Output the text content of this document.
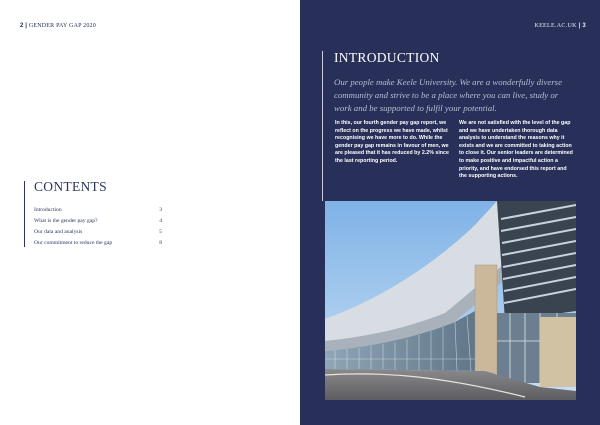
2 | GENDER PAY GAP 2020
CONTENTS
Introduction	3
What is the gender pay gap?	4
Our data and analysis	5
Our commitment to reduce the gap	8
KEELE.AC.UK | 3
INTRODUCTION
Our people make Keele University. We are a wonderfully diverse community and strive to be a place where you can live, study or work and be supported to fulfil your potential.
In this, our fourth gender pay gap report, we reflect on the progress we have made, whilst recognising we have more to do. While the gender pay gap remains in favour of men, we are pleased that it has reduced by 2.2% since the last reporting period.
We are not satisfied with the level of the gap and we have undertaken thorough data analysis to understand the reasons why it exists and we are committed to taking action to close it. Our senior leaders are determined to make positive and impactful action a priority, and have endorsed this report and the supporting actions.
